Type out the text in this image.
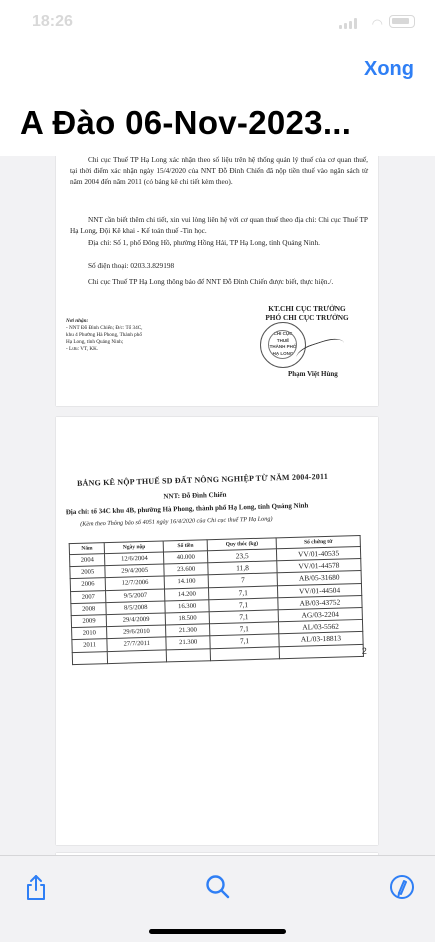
18:26	◠
Xong
A Đào 06-Nov-2023...
Chi cục Thuế TP Hạ Long xác nhận theo số liệu trên hệ thống quản lý thuế của cơ quan thuế, tại thời điểm xác nhận ngày 15/4/2020 của NNT Đỗ Đình Chiến đã nộp tiền thuế vào ngân sách từ năm 2004 đến năm 2011 (có bảng kê chi tiết kèm theo).
NNT cần biết thêm chi tiết, xin vui lòng liên hệ với cơ quan thuế theo địa chỉ: Chi cục Thuế TP Hạ Long, Đội Kê khai - Kế toán thuế -Tin học.
Địa chỉ: Số 1, phố Đông Hồ, phường Hồng Hải, TP Hạ Long, tỉnh Quảng Ninh.
Số điện thoại: 0203.3.829198
Chi cục Thuế TP Hạ Long thông báo để NNT Đỗ Đình Chiến được biết, thực hiện./.
KT.CHI CỤC TRƯỞNG
PHÓ CHI CỤC TRƯỞNG
Nơi nhận:
- NNT Đỗ Đình Chiến; Đ/c: Tổ 34C,
khu 4 Phường Hà Phong, Thành phố
Hạ Long, tỉnh Quảng Ninh;
- Lưu: VT, KK.
CHI CỤC
THUẾ
THÀNH PHỐ
HẠ LONG
Phạm Việt Hùng
BẢNG KÊ NỘP THUẾ SD ĐẤT NÔNG NGHIỆP TỪ NĂM 2004-2011
NNT: Đỗ Đình Chiến
Địa chỉ: tổ 34C khu 4B, phường Hà Phong, thành phố Hạ Long, tỉnh Quảng Ninh
(Kèm theo Thông báo số 4051 ngày 16/4/2020 của Chi cục thuế TP Hạ Long)
Năm	Ngày nộp	Số tiền	Quy thóc (kg)	Số chứng từ
2004	12/6/2004	40.000	23,5	VV/01-40535
2005	29/4/2005	23.600	11,8	VV/01-44578
2006	12/7/2006	14.100	7	AB/05-31680
2007	9/5/2007	14.200	7,1	VV/01-44504
2008	8/5/2008	16.300	7,1	AB/03-43752
2009	29/4/2009	18.500	7,1	AG/03-2204
2010	29/6/2010	21.300	7,1	AL/03-5562
2011	27/7/2011	21.300	7,1	AL/03-18813

2
